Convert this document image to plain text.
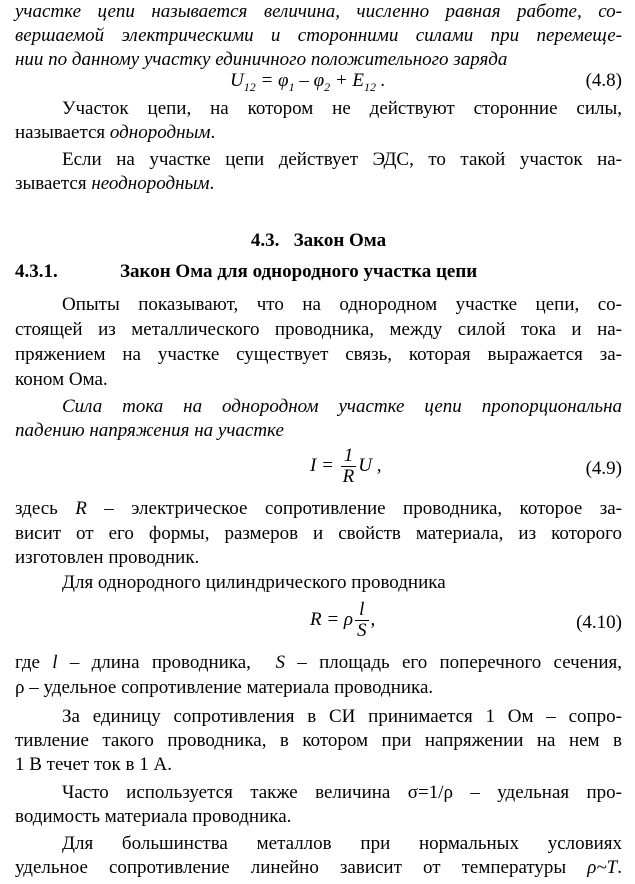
участке цепи называется величина, численно равная работе, со-
вершаемой электрическими и сторонними силами при перемеще-
нии по данному участку единичного положительного заряда
$U_{12} = \varphi_1 - \varphi_2 + E_{12}$ .	(4.8)
Участок цепи, на котором не действуют сторонние силы,
называется однородным.
Если на участке цепи действует ЭДС, то такой участок на-
зывается неоднородным.
4.3.   Закон Ома
4.3.1.	Закон Ома для однородного участка цепи
Опыты показывают, что на однородном участке цепи, со-
стоящей из металлического проводника, между силой тока и на-
пряжением на участке существует связь, которая выражается за-
коном Ома.
Сила тока на однородном участке цепи пропорциональна
падению напряжения на участке
$I = \frac{1}{R}$ U ,	(4.9)
здесь R – электрическое сопротивление проводника, которое за-
висит от его формы, размеров и свойств материала, из которого
изготовлен проводник.
Для однородного цилиндрического проводника
R = ρ $\frac{l}{S}$ ,	(4.10)
где l – длина проводника,  S – площадь его поперечного сечения,
ρ – удельное сопротивление материала проводника.
За единицу сопротивления в СИ принимается 1 Ом – сопро-
тивление такого проводника, в котором при напряжении на нем в
1 В течет ток в 1 А.
Часто используется также величина σ=1/ρ – удельная про-
водимость материала проводника.
Для большинства металлов при нормальных условиях
удельное сопротивление линейно зависит от температуры ρ~T.
